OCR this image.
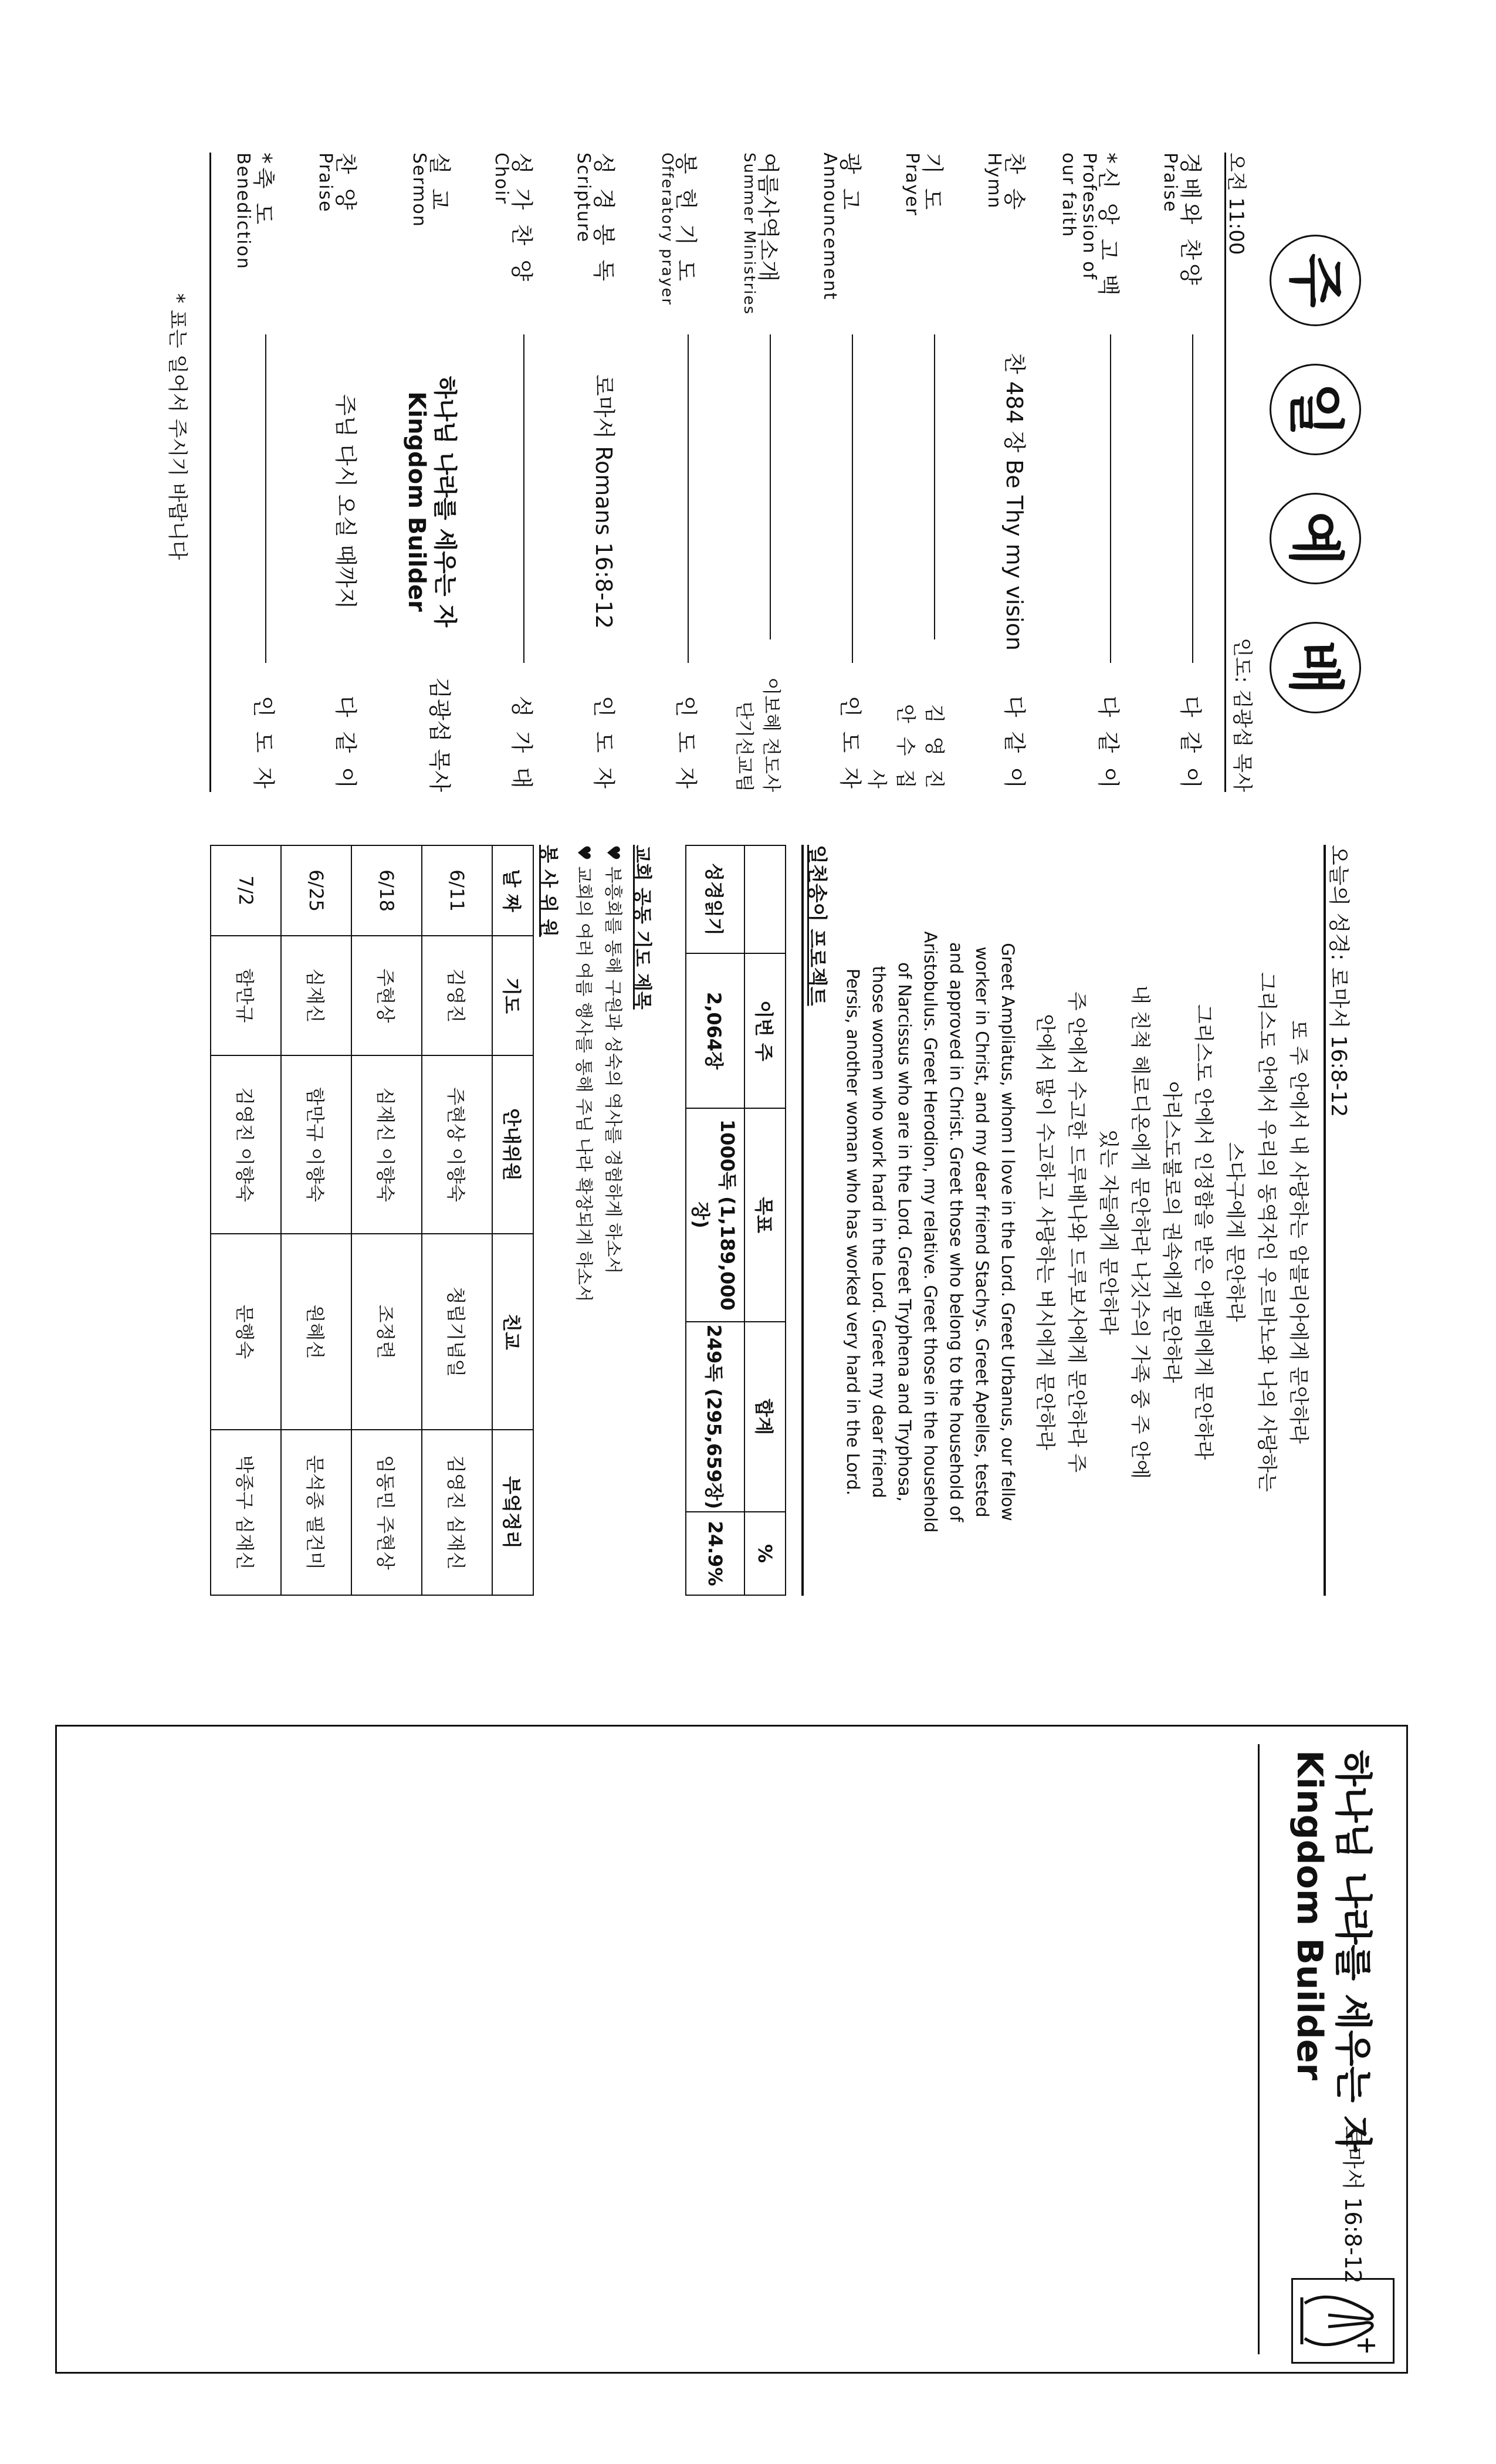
주
일
예
배
오전 11:00
인도: 김광섭 목사
경배와 찬양
Praise
다 같 이
*신 앙 고 백
Profession of our faith
다 같 이
찬 송
Hymn
찬 484 장 Be Thy my vision
다 같 이
기 도
Prayer
김 영 진 안 수 집 사
광 고
Announcement
인 도 자
여름사역소개
Summer Ministries
이보혜 전도사 단기선교팀
봉 헌 기 도
Offeratory prayer
인 도 자
성 경 봉 독
Scripture
로마서 Romans 16:8-12
인 도 자
성 가 찬 양
Choir
성 가 대
설 교
Sermon
하나님 나라를 세우는 자 Kingdom Builder
김광섭 목사
찬 양
Praise
주님 다시 오실 때까지
다 같 이
*축 도
Benediction
인 도 자
* 표는 일어서 주시기 바랍니다
오늘의 성경: 로마서 16:8-12
또 주 안에서 내 사랑하는 암블리아에게 문안하라
그리스도 안에서 우리의 동역자인 우르바노와 나의 사랑하는
스다구에게 문안하라
그리스도 안에서 인정함을 받은 아벨레에게 문안하라
아리스도불로의 권속에게 문안하라
내 친척 헤로디온에게 문안하라 나깃수의 가족 중 주 안에
있는 자들에게 문안하라
주 안에서 수고한 드루배나와 드루보사에게 문안하라 주
안에서 많이 수고하고 사랑하는 버시에게 문안하라
Greet Ampliatus, whom I love in the Lord. Greet Urbanus, our fellow
worker in Christ, and my dear friend Stachys. Greet Apelles, tested
and approved in Christ. Greet those who belong to the household of
Aristobulus. Greet Herodion, my relative. Greet those in the household
of Narcissus who are in the Lord. Greet Tryphena and Tryphosa,
those women who work hard in the Lord. Greet my dear friend
Persis, another woman who has worked very hard in the Lord.
일천송이 프로젝트
	이번 주	목표	합계	%
성경읽기	2,064장	1000독 (1,189,000장)	249독 (295,659장)	24.9%
교회 공동 기도 제목
♥ 부흥회를 통해 구원과 성숙의 역사를 경험하게 하소서
♥ 교회의 여러 여름 행사를 통해 주님 나라 확장되게 하소서
봉 사 위 원
날 짜	기도	안내위원	친교	부엌정리
6/11	김영진	주현상 이향숙	청립기념일	김영진 심재신
6/18	주현상	심재신 이향숙	조정련	임동민 주현상
6/25	심재신	함만규 이향숙	원혜선	문석종 필건미
7/2	함만규	김영진 이향숙	문행숙	박종구 심재신
하나님 나라를 세우는 자
Kingdom Builder
로마서 16:8-12
